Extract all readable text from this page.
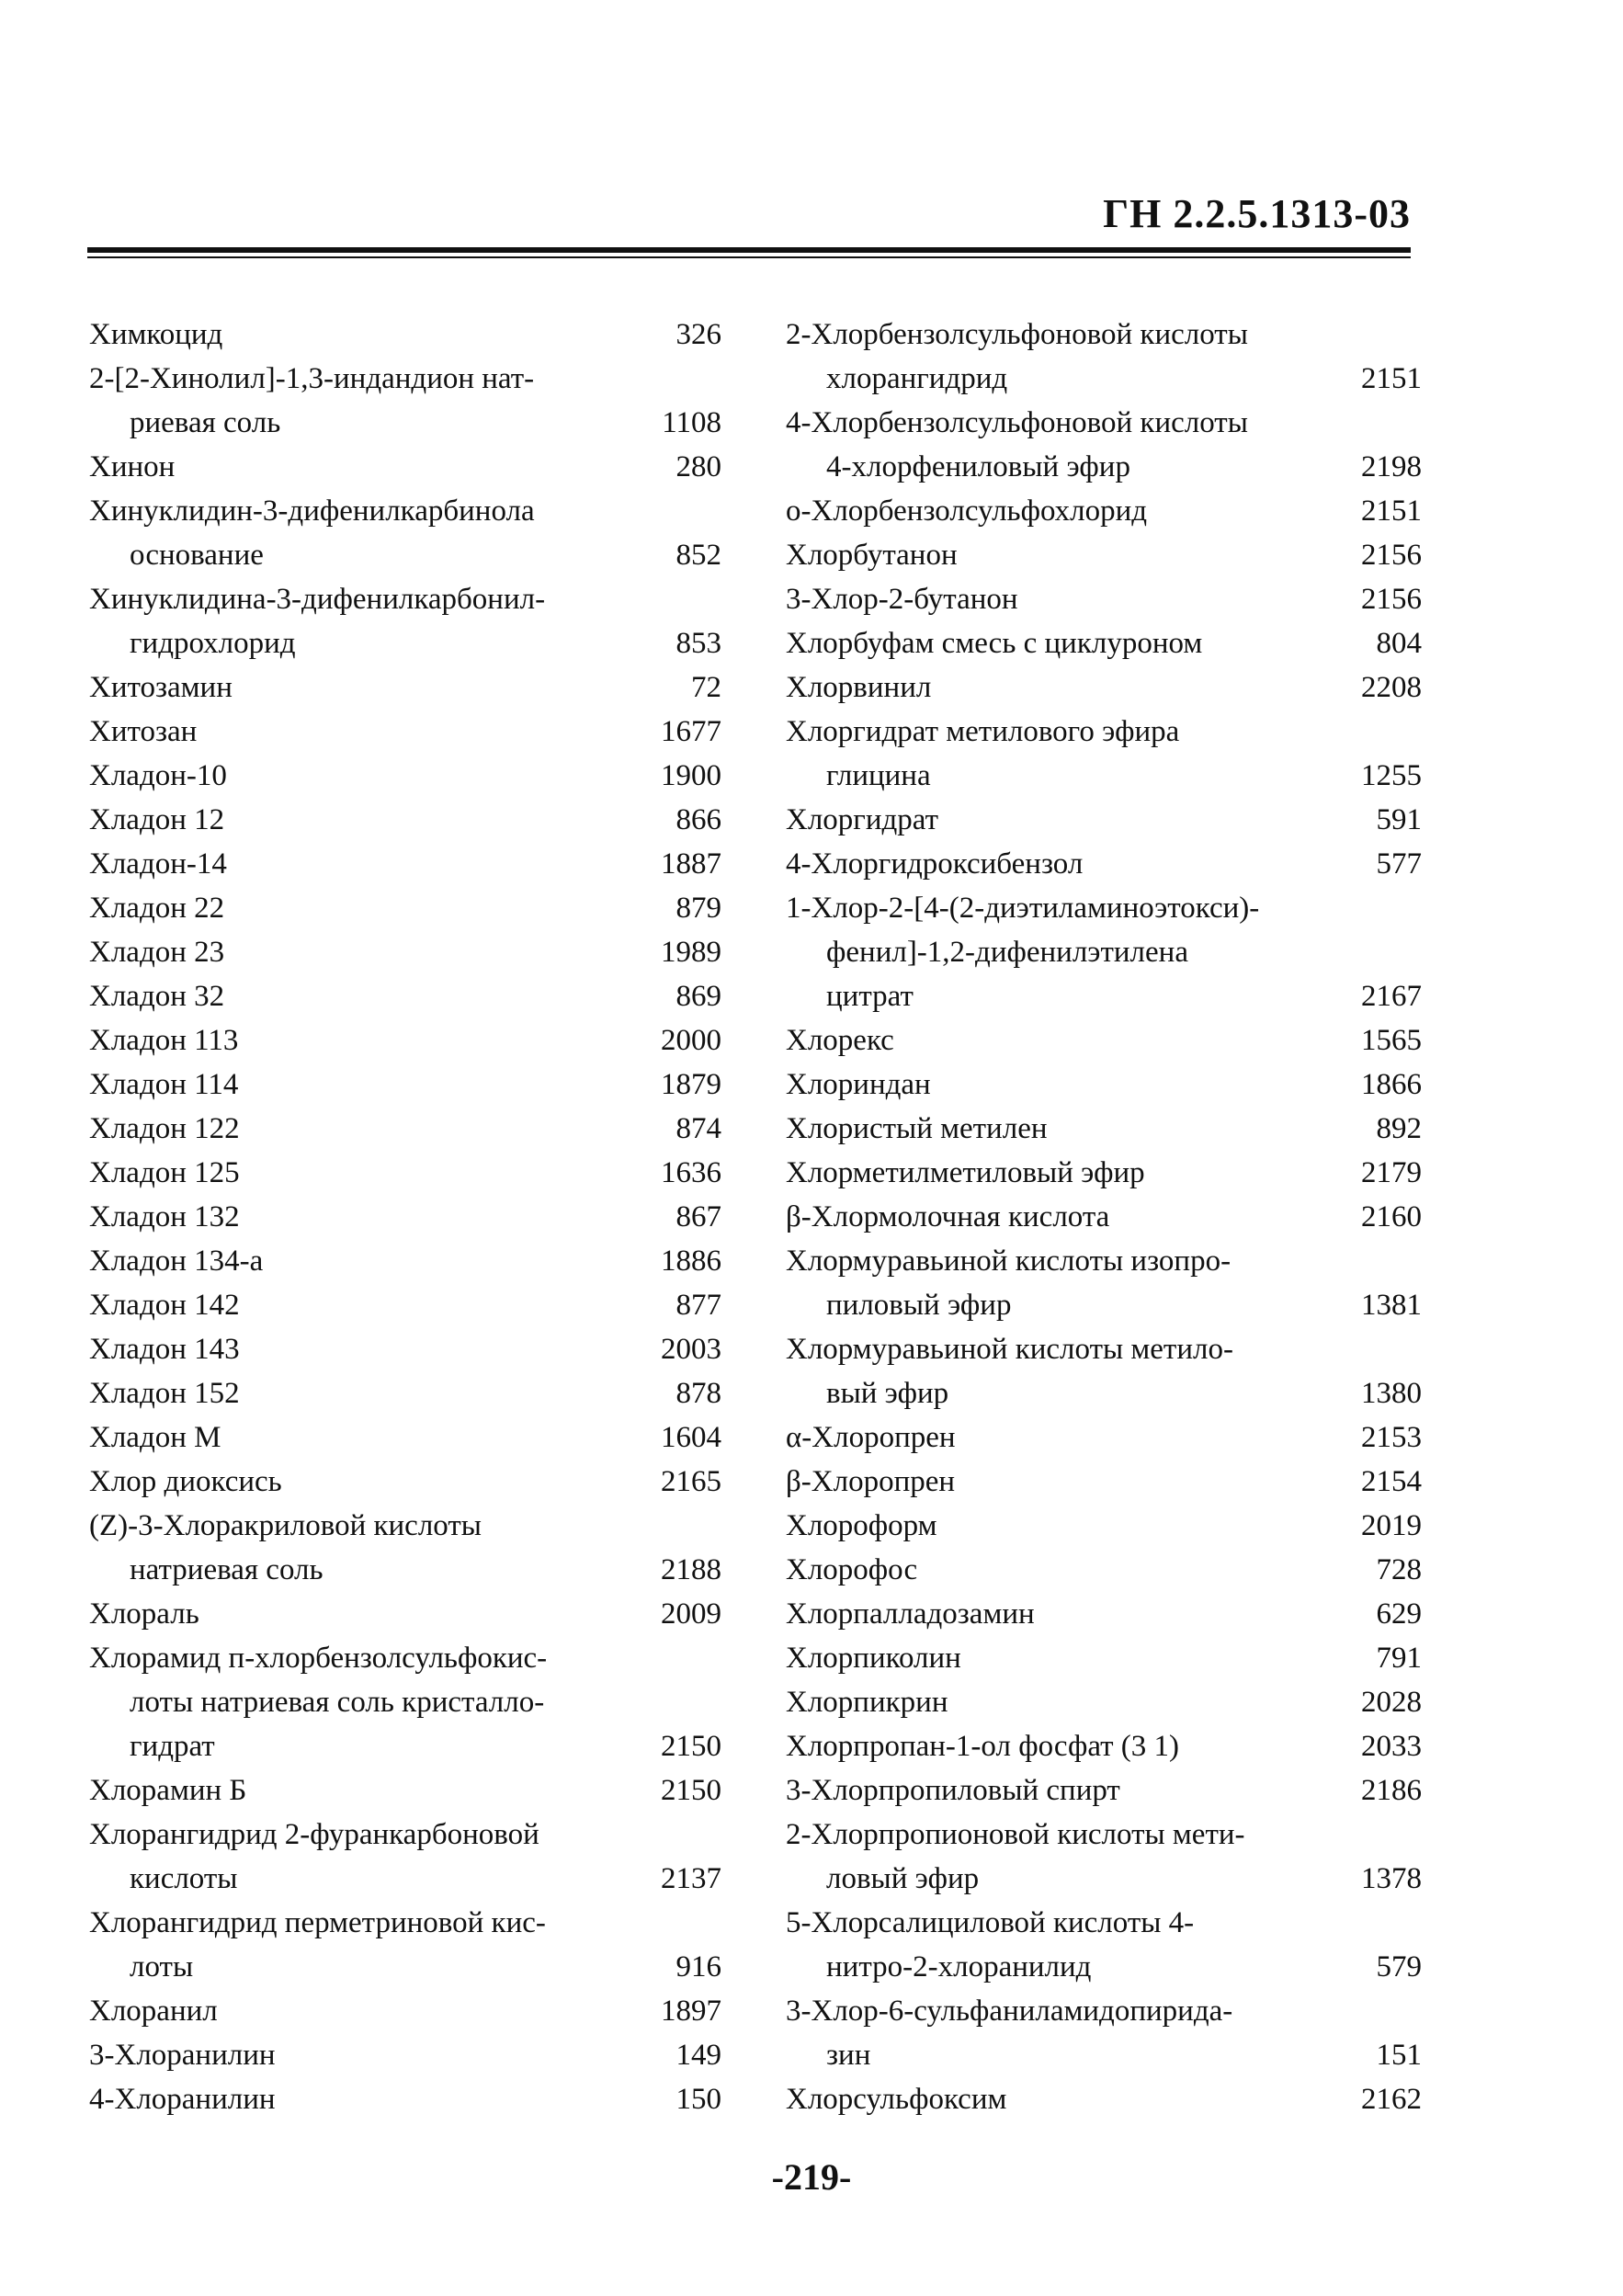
ГН 2.2.5.1313-03
Химкоцид	326
2-[2-Хинолил]-1,3-индандион нат-
риевая соль	1108
Хинон	280
Хинуклидин-3-дифенилкарбинола
основание	852
Хинуклидина-3-дифенилкарбонил-
гидрохлорид	853
Хитозамин	72
Хитозан	1677
Хладон-10	1900
Хладон 12	866
Хладон-14	1887
Хладон 22	879
Хладон 23	1989
Хладон 32	869
Хладон 113	2000
Хладон 114	1879
Хладон 122	874
Хладон 125	1636
Хладон 132	867
Хладон 134-а	1886
Хладон 142	877
Хладон 143	2003
Хладон 152	878
Хладон М	1604
Хлор диоксись	2165
(Z)-3-Хлоракриловой кислоты
натриевая соль	2188
Хлораль	2009
Хлорамид п-хлорбензолсульфокис-
лоты натриевая соль кристалло-
гидрат	2150
Хлорамин Б	2150
Хлорангидрид 2-фуранкарбоновой
кислоты	2137
Хлорангидрид перметриновой кис-
лоты	916
Хлоранил	1897
3-Хлоранилин	149
4-Хлоранилин	150
2-Хлорбензолсульфоновой кислоты
хлорангидрид	2151
4-Хлорбензолсульфоновой кислоты
4-хлорфениловый эфир	2198
о-Хлорбензолсульфохлорид	2151
Хлорбутанон	2156
3-Хлор-2-бутанон	2156
Хлорбуфам смесь с циклуроном	804
Хлорвинил	2208
Хлоргидрат метилового эфира
глицина	1255
Хлоргидрат	591
4-Хлоргидроксибензол	577
1-Хлор-2-[4-(2-диэтиламиноэтокси)-
фенил]-1,2-дифенилэтилена
цитрат	2167
Хлорекс	1565
Хлориндан	1866
Хлористый метилен	892
Хлорметилметиловый эфир	2179
β-Хлормолочная кислота	2160
Хлормуравьиной кислоты изопро-
пиловый эфир	1381
Хлормуравьиной кислоты метило-
вый эфир	1380
α-Хлоропрен	2153
β-Хлоропрен	2154
Хлороформ	2019
Хлорофос	728
Хлорпалладозамин	629
Хлорпиколин	791
Хлорпикрин	2028
Хлорпропан-1-ол фосфат (3 1)	2033
3-Хлорпропиловый спирт	2186
2-Хлорпропионовой кислоты мети-
ловый эфир	1378
5-Хлорсалициловой кислоты 4-
нитро-2-хлоранилид	579
3-Хлор-6-сульфаниламидопирида-
зин	151
Хлорсульфоксим	2162
-219-
